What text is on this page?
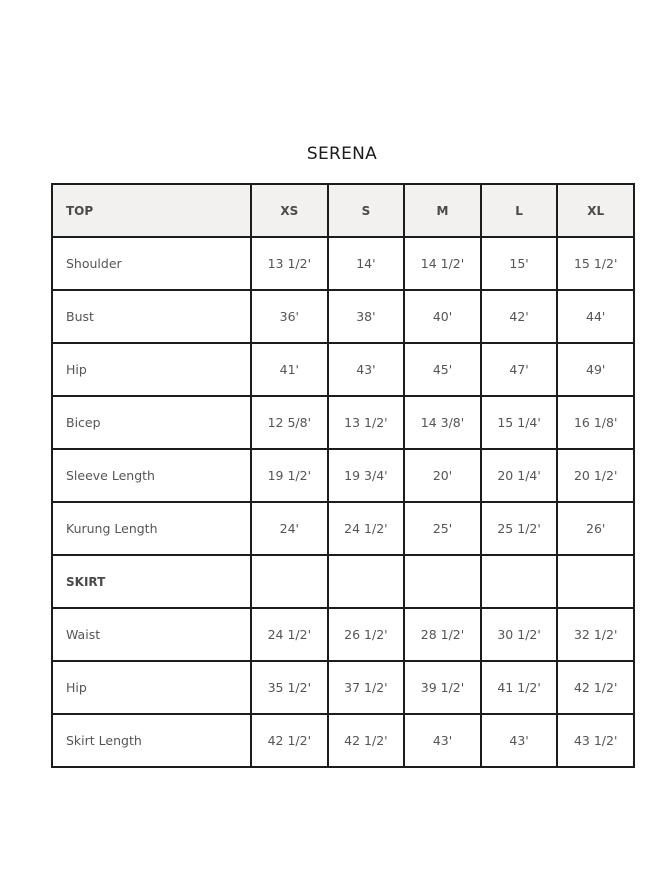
SERENA
TOP	XS	S	M	L	XL
Shoulder	13 1/2'	14'	14 1/2'	15'	15 1/2'
Bust	36'	38'	40'	42'	44'
Hip	41'	43'	45'	47'	49'
Bicep	12 5/8'	13 1/2'	14 3/8'	15 1/4'	16 1/8'
Sleeve Length	19 1/2'	19 3/4'	20'	20 1/4'	20 1/2'
Kurung Length	24'	24 1/2'	25'	25 1/2'	26'
SKIRT					
Waist	24 1/2'	26 1/2'	28 1/2'	30 1/2'	32 1/2'
Hip	35 1/2'	37 1/2'	39 1/2'	41 1/2'	42 1/2'
Skirt Length	42 1/2'	42 1/2'	43'	43'	43 1/2'
